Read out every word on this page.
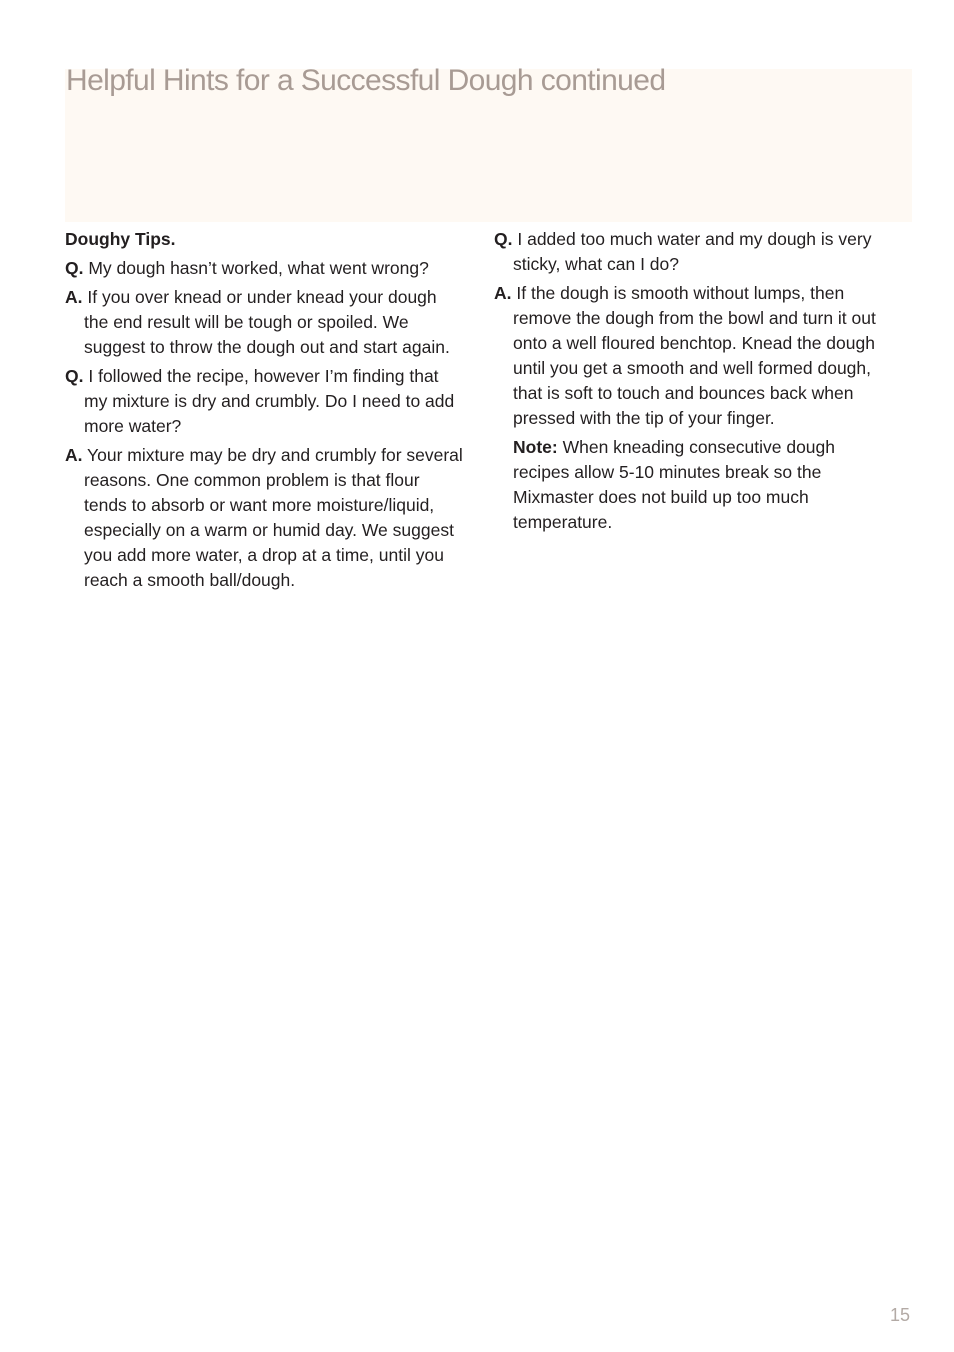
Helpful Hints for a Successful Dough continued

Doughy Tips.

Q. My dough hasn’t worked, what went wrong?

A. If you over knead or under knead your dough the end result will be tough or spoiled. We suggest to throw the dough out and start again.

Q. I followed the recipe, however I’m finding that my mixture is dry and crumbly. Do I need to add more water?

A. Your mixture may be dry and crumbly for several reasons. One common problem is that flour tends to absorb or want more moisture/liquid, especially on a warm or humid day. We suggest you add more water, a drop at a time, until you reach a smooth ball/dough.

Q. I added too much water and my dough is very sticky, what can I do?

A. If the dough is smooth without lumps, then remove the dough from the bowl and turn it out onto a well floured benchtop. Knead the dough until you get a smooth and well formed dough, that is soft to touch and bounces back when pressed with the tip of your finger.

Note: When kneading consecutive dough recipes allow 5-10 minutes break so the Mixmaster does not build up too much temperature.

15
